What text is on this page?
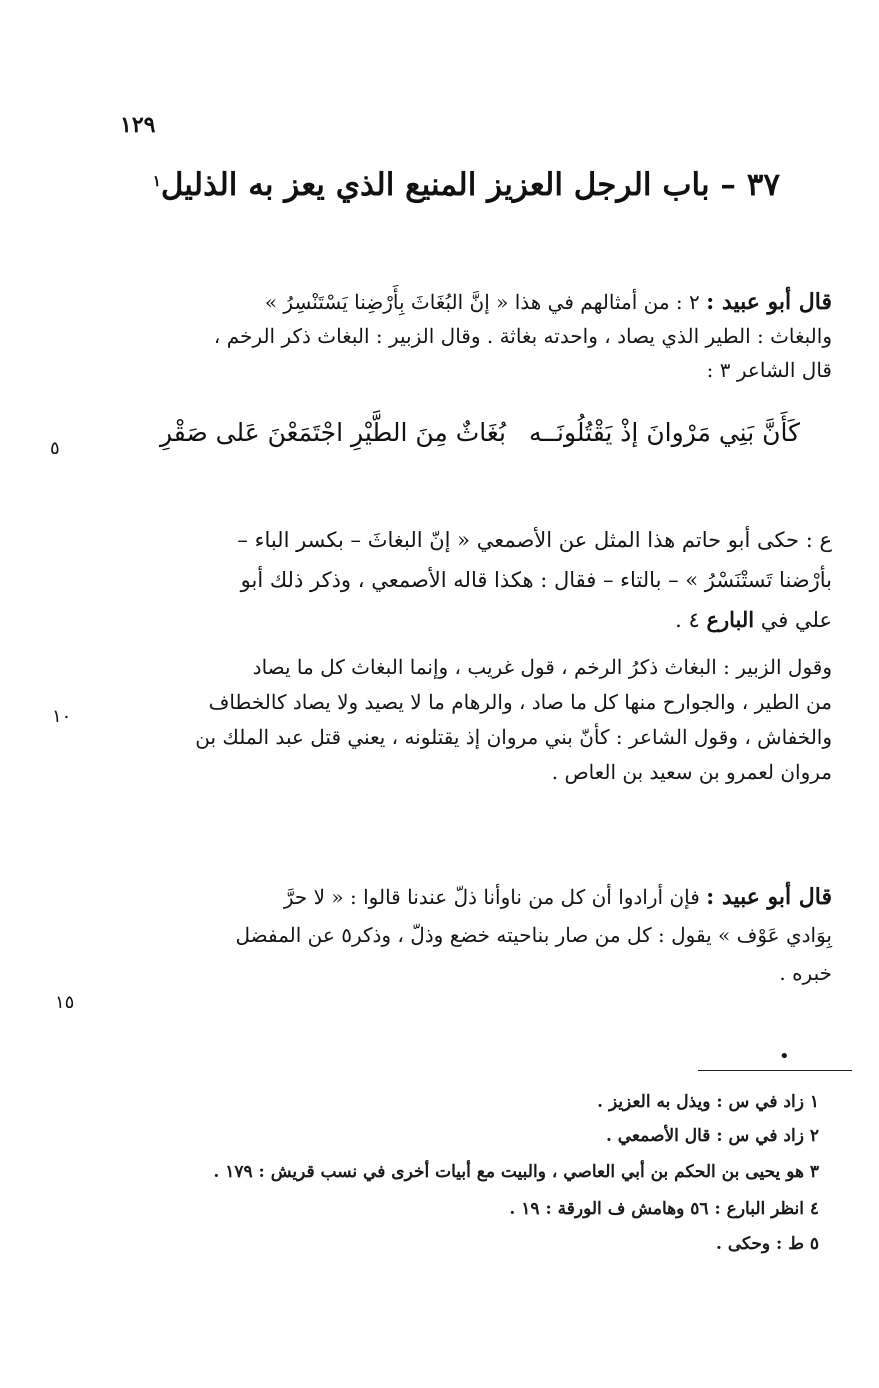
١٢٩
٣٧ – باب الرجل العزيز المنيع الذي يعز به الذليل$^١$
قال أبو عبيد : ٢ : من أمثالهم في هذا « إنَّ البُغَاثَ بِأَرْضِنا يَسْتَنْسِرُ »
والبغاث : الطير الذي يصاد ، واحدته بغاثة . وقال الزبير : البغاث ذكر الرخم ،
قال الشاعر ٣ :
كَأَنَّ بَنِي مَرْوانَ إذْ يَقْتُلُونَــه
بُغَاثٌ مِنَ الطَّيْرِ اجْتَمَعْنَ عَلى صَقْرِ
٥
ع : حكى أبو حاتم هذا المثل عن الأصمعي « إنّ البغاثَ – بكسر الباء –
بأرْضنا تَستْنَسْرُ » – بالتاء – فقال : هكذا قاله الأصمعي ، وذكر ذلك أبو
علي في البارع ٤ .
وقول الزبير : البغاث ذكرُ الرخم ، قول غريب ، وإنما البغاث كل ما يصاد
من الطير ، والجوارح منها كل ما صاد ، والرهام ما لا يصيد ولا يصاد كالخطاف
والخفاش ، وقول الشاعر : كأنّ بني مروان إذ يقتلونه ، يعني قتل عبد الملك بن
مروان لعمرو بن سعيد بن العاص .
١٠
قال أبو عبيد : فإن أرادوا أن كل من ناوأنا ذلّ عندنا قالوا : « لا حرَّ
بِوَادي عَوْف » يقول : كل من صار بناحيته خضع وذلّ ، وذكر٥ عن المفضل
خبره .
١٥
•
١ زاد في س : ويذل به العزيز .
٢ زاد في س : قال الأصمعي .
٣ هو يحيى بن الحكم بن أبي العاصي ، والبيت مع أبيات أخرى في نسب قريش : ١٧٩ .
٤ انظر البارع : ٥٦ وهامش ف الورقة : ١٩ .
٥ ط : وحكى .
